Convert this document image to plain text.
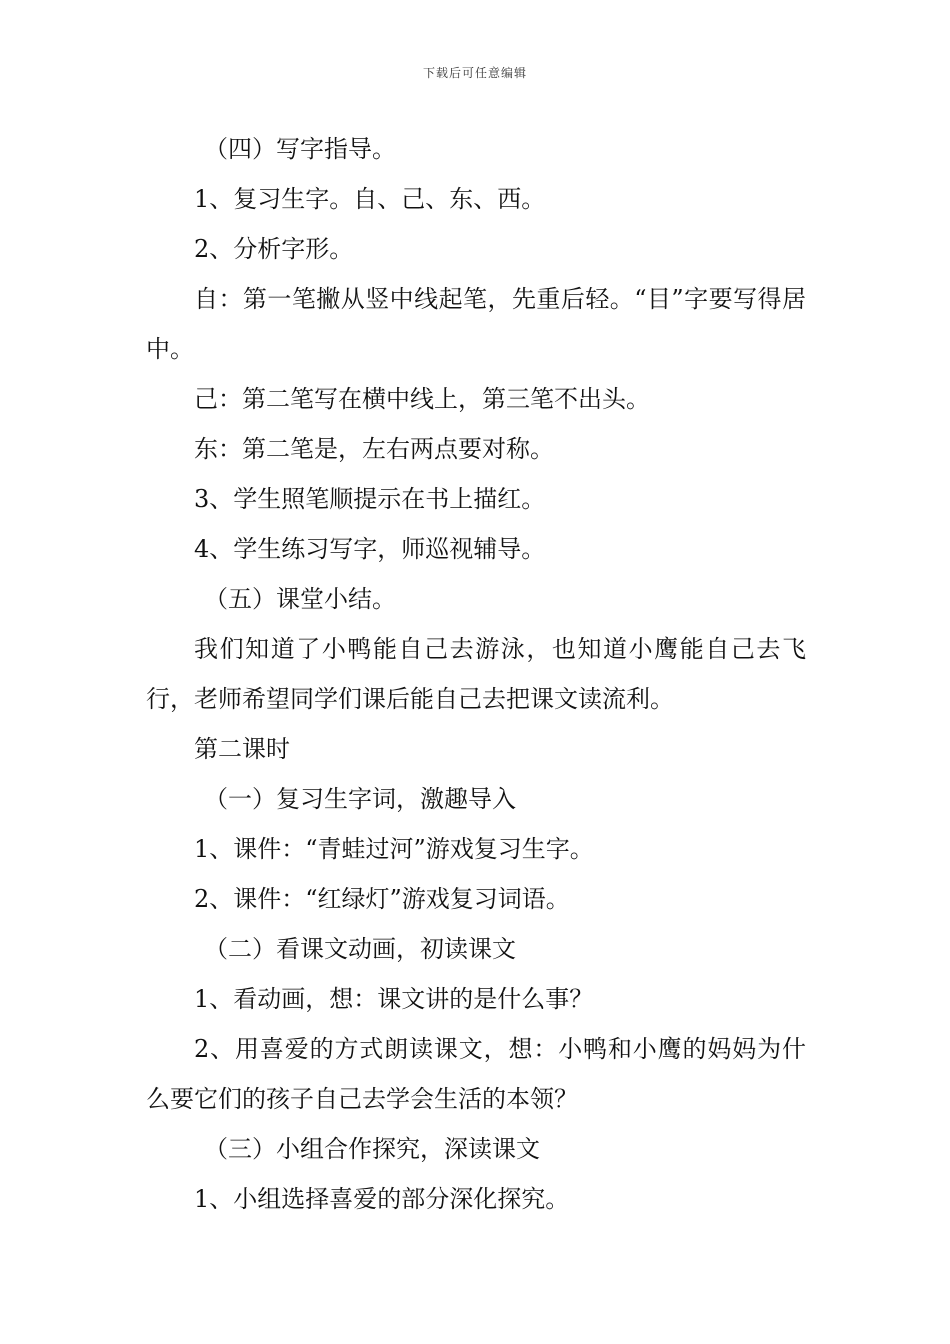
下载后可任意编辑

（四）写字指导。

1、复习生字。自、己、东、西。

2、分析字形。

自：第一笔撇从竖中线起笔，先重后轻。“目”字要写得居中。

己：第二笔写在横中线上，第三笔不出头。

东：第二笔是，左右两点要对称。

3、学生照笔顺提示在书上描红。

4、学生练习写字，师巡视辅导。

（五）课堂小结。

我们知道了小鸭能自己去游泳，也知道小鹰能自己去飞行，老师希望同学们课后能自己去把课文读流利。

第二课时

（一）复习生字词，激趣导入

1、课件：“青蛙过河”游戏复习生字。

2、课件：“红绿灯”游戏复习词语。

（二）看课文动画，初读课文

1、看动画，想：课文讲的是什么事？

2、用喜爱的方式朗读课文，想：小鸭和小鹰的妈妈为什么要它们的孩子自己去学会生活的本领？

（三）小组合作探究，深读课文

1、小组选择喜爱的部分深化探究。
